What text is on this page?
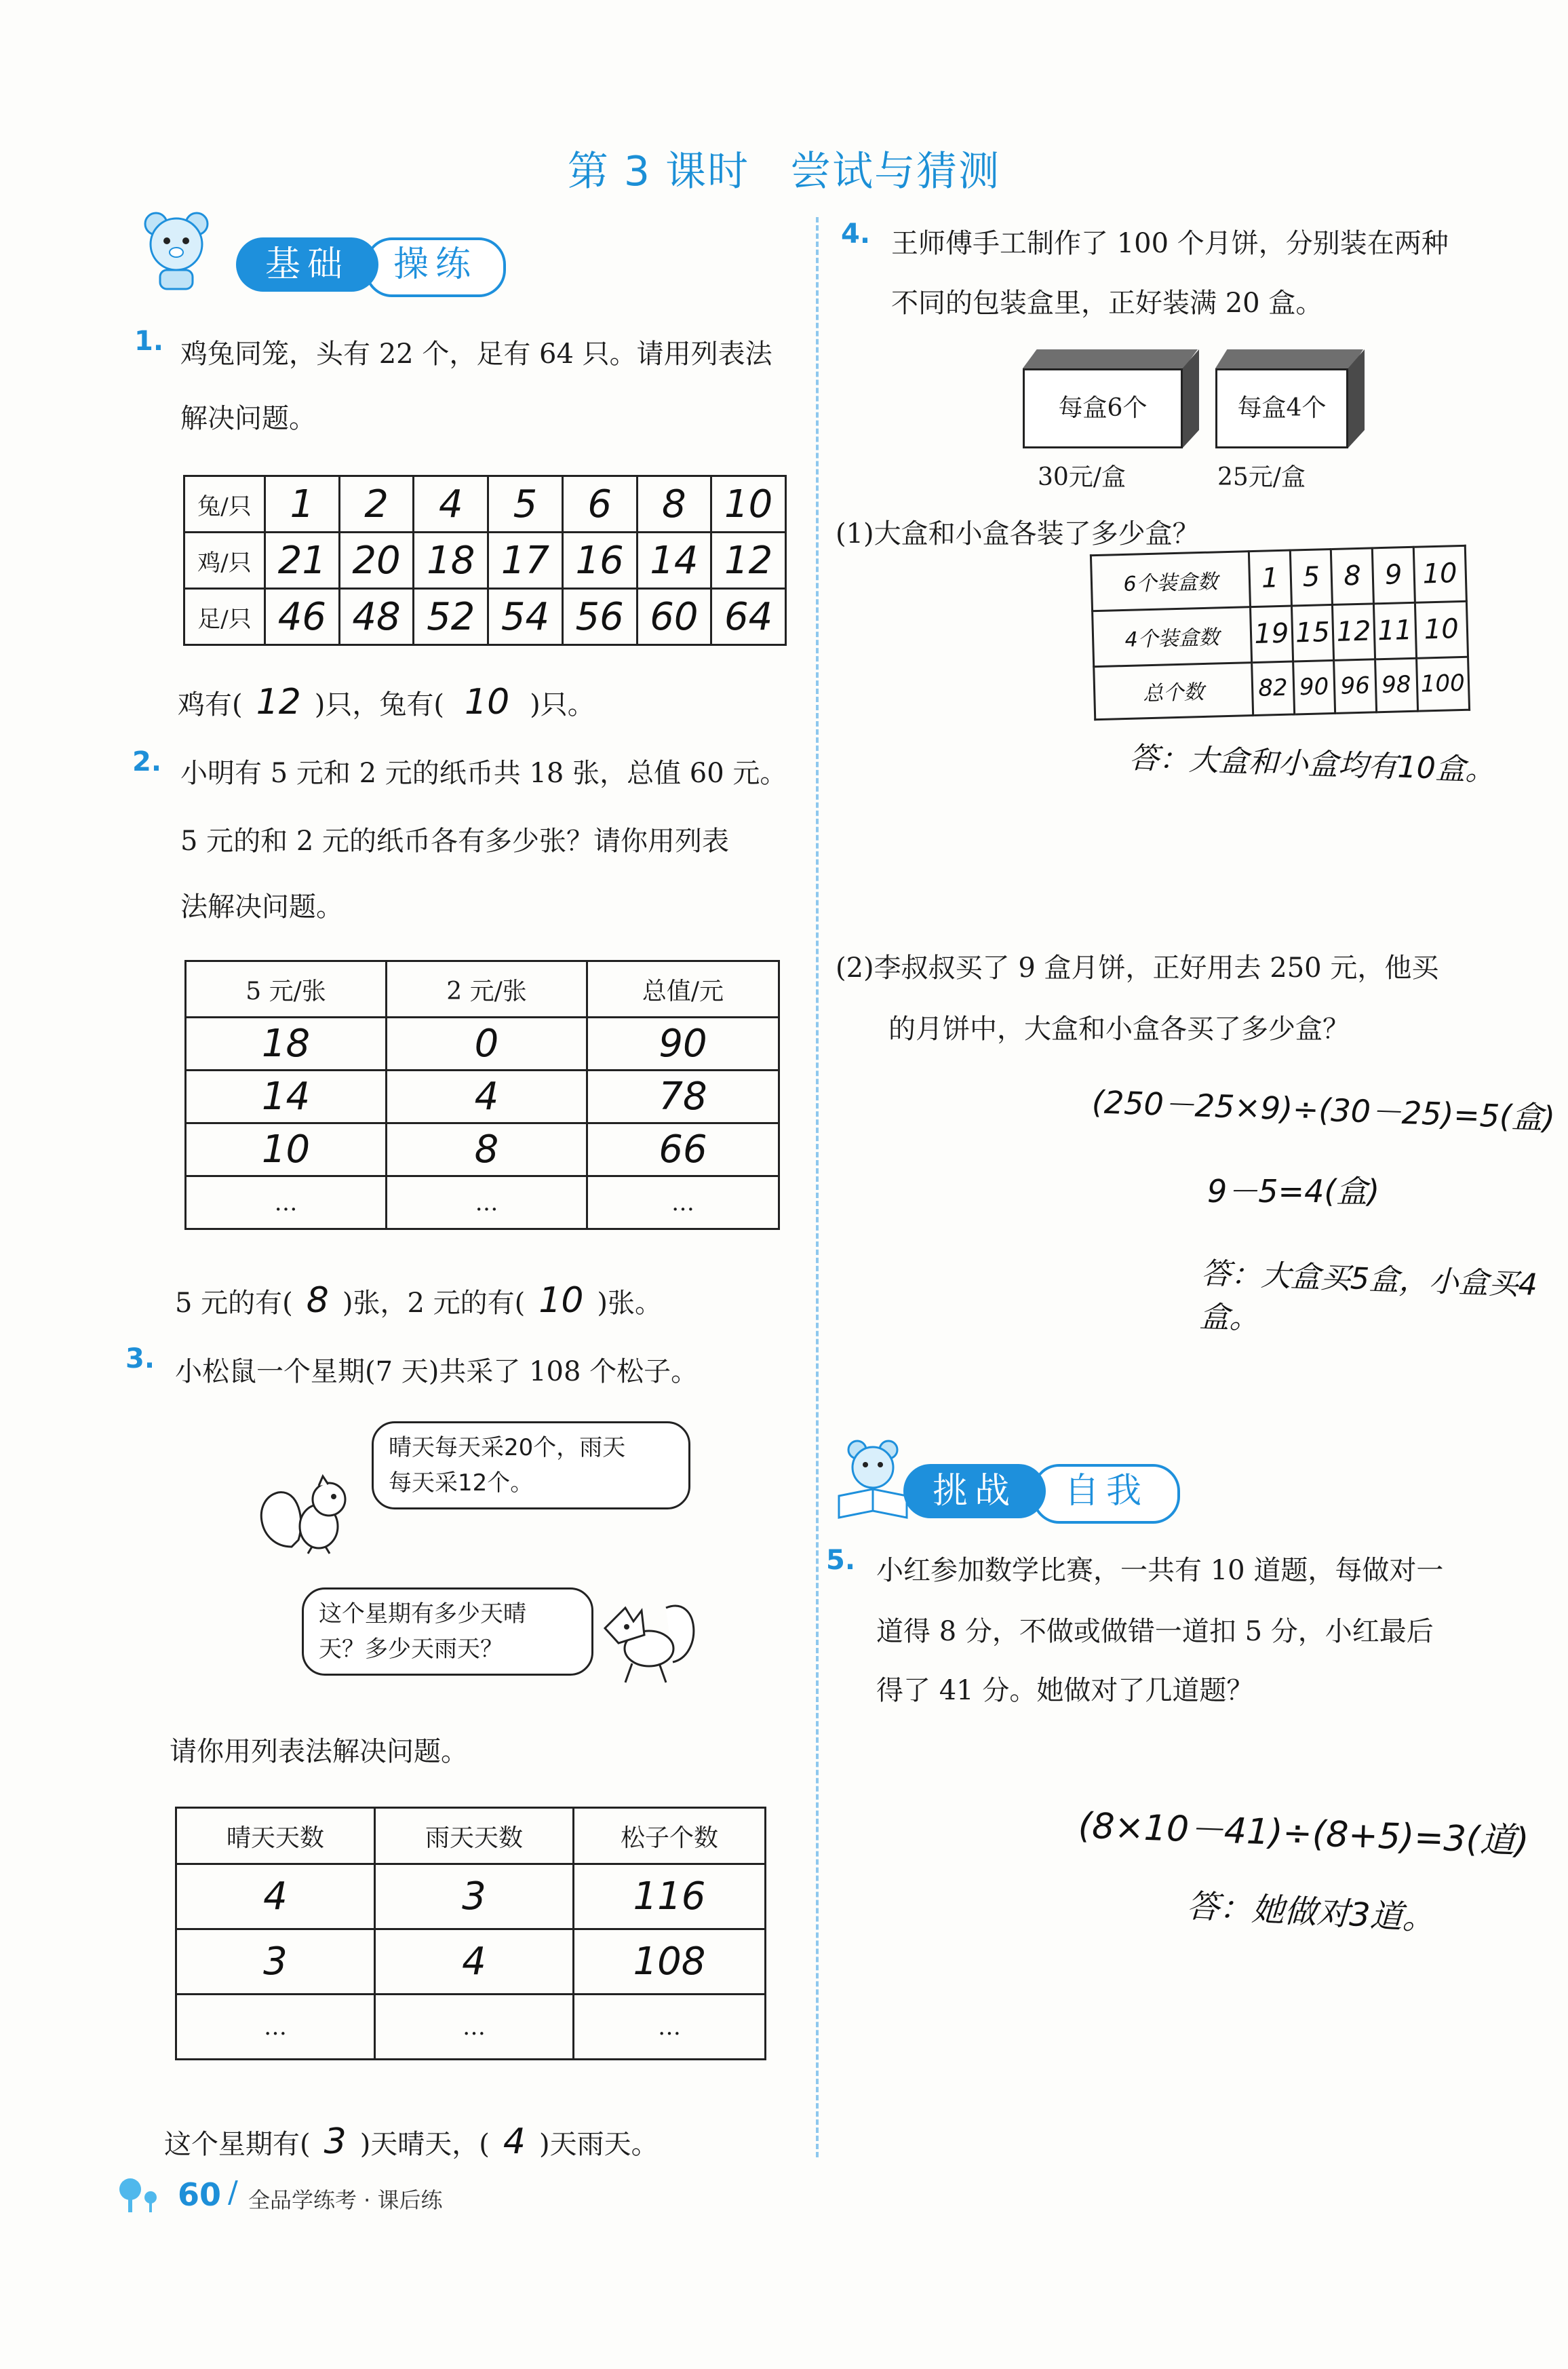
第 3 课时 尝试与猜测
操练
基础
1. 鸡兔同笼，头有 22 个，足有 64 只。请用列表法
解决问题。
兔/只	1	2	4	5	6	8	10
鸡/只	21	20	18	17	16	14	12
足/只	46	48	52	54	56	60	64
鸡有( 12 )只，兔有( 10 )只。
2. 小明有 5 元和 2 元的纸币共 18 张，总值 60 元。
5 元的和 2 元的纸币各有多少张？请你用列表
法解决问题。
5 元/张	2 元/张	总值/元
18	0	90
14	4	78
10	8	66
…	…	…
5 元的有( 8 )张，2 元的有( 10 )张。
3. 小松鼠一个星期(7 天)共采了 108 个松子。
晴天每天采20个，雨天
每天采12个。
这个星期有多少天晴
天？多少天雨天？
请你用列表法解决问题。
晴天天数	雨天天数	松子个数
4	3	116
3	4	108
…	…	…
这个星期有( 3 )天晴天，( 4 )天雨天。
4. 王师傅手工制作了 100 个月饼，分别装在两种
不同的包装盒里，正好装满 20 盒。
每盒6个	每盒4个
30元/盒	25元/盒
(1)大盒和小盒各装了多少盒？
6个装盒数	1	5	8	9	10
4个装盒数	19	15	12	11	10
总个数	82	90	96	98	100
答：大盒和小盒均有10盒。
(2)李叔叔买了 9 盒月饼，正好用去 250 元，他买
的月饼中，大盒和小盒各买了多少盒？
(250－25×9)÷(30－25)=5(盒)
9－5=4(盒)
答：大盒买5盒，小盒买4盒。
自我
挑战
5. 小红参加数学比赛，一共有 10 道题，每做对一
道得 8 分，不做或做错一道扣 5 分，小红最后
得了 41 分。她做对了几道题？
(8×10－41)÷(8+5)=3(道)
答：她做对3道。
60 / 全品学练考 · 课后练
